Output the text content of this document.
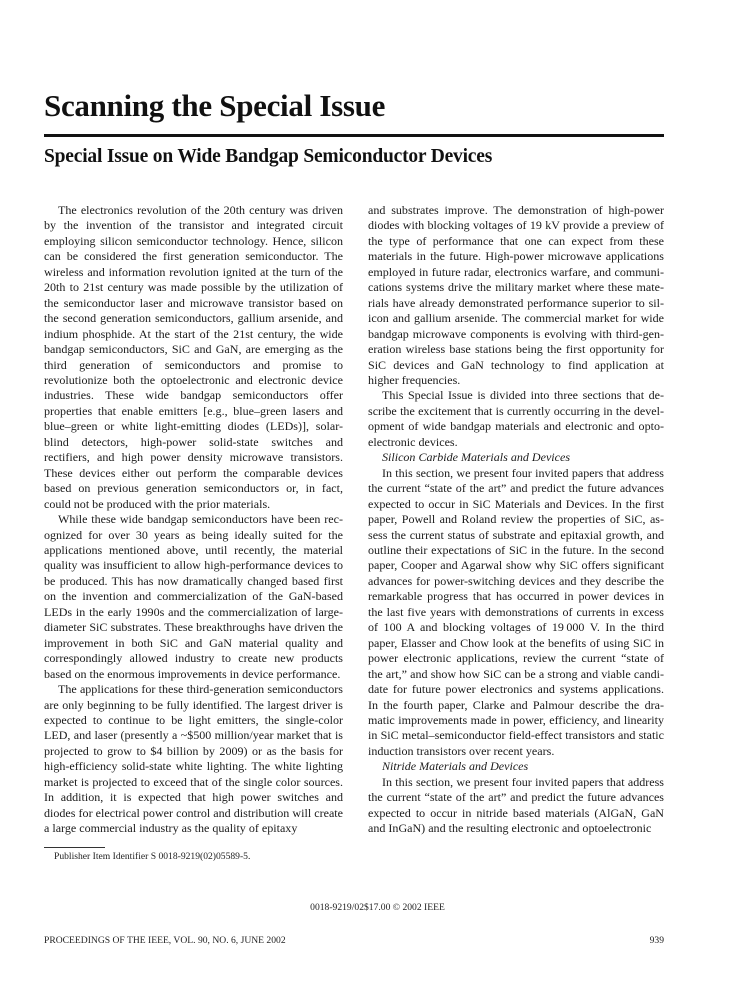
Scanning the Special Issue
Special Issue on Wide Bandgap Semiconductor Devices

The electronics revolution of the 20th century was driven by the invention of the transistor and integrated circuit employing silicon semiconductor technology. Hence, silicon can be considered the first generation semiconductor. The wireless and information revolution ignited at the turn of the 20th to 21st century was made possible by the utilization of the semiconductor laser and microwave transistor based on the second generation semiconductors, gallium arsenide, and indium phosphide. At the start of the 21st century, the wide bandgap semiconductors, SiC and GaN, are emerging as the third generation of semiconductors and promise to revolutionize both the optoelectronic and electronic device industries. These wide bandgap semiconductors offer properties that enable emitters [e.g., blue–green lasers and blue–green or white light-emitting diodes (LEDs)], solar-blind detectors, high-power solid-state switches and rectifiers, and high power density microwave transistors. These devices either out perform the comparable devices based on previous generation semiconductors or, in fact, could not be produced with the prior materials.

While these wide bandgap semiconductors have been recognized for over 30 years as being ideally suited for the applications mentioned above, until recently, the material quality was insufficient to allow high-performance devices to be produced. This has now dramatically changed based first on the invention and commercialization of the GaN-based LEDs in the early 1990s and the commercialization of large-diameter SiC substrates. These breakthroughs have driven the improvement in both SiC and GaN material quality and correspondingly allowed industry to create new products based on the enormous improvements in device performance.

The applications for these third-generation semiconductors are only beginning to be fully identified. The largest driver is expected to continue to be light emitters, the single-color LED, and laser (presently a ~$500 million/year market that is projected to grow to $4 billion by 2009) or as the basis for high-efficiency solid-state white lighting. The white lighting market is projected to exceed that of the single color sources. In addition, it is expected that high power switches and diodes for electrical power control and distribution will create a large commercial industry as the quality of epitaxy

and substrates improve. The demonstration of high-power diodes with blocking voltages of 19 kV provide a preview of the type of performance that one can expect from these materials in the future. High-power microwave applications employed in future radar, electronics warfare, and communications systems drive the military market where these materials have already demonstrated performance superior to silicon and gallium arsenide. The commercial market for wide bandgap microwave components is evolving with third-generation wireless base stations being the first opportunity for SiC devices and GaN technology to find application at higher frequencies.

This Special Issue is divided into three sections that describe the excitement that is currently occurring in the development of wide bandgap materials and electronic and optoelectronic devices.

Silicon Carbide Materials and Devices

In this section, we present four invited papers that address the current “state of the art” and predict the future advances expected to occur in SiC Materials and Devices. In the first paper, Powell and Roland review the properties of SiC, assess the current status of substrate and epitaxial growth, and outline their expectations of SiC in the future. In the second paper, Cooper and Agarwal show why SiC offers significant advances for power-switching devices and they describe the remarkable progress that has occurred in power devices in the last five years with demonstrations of currents in excess of 100 A and blocking voltages of 19 000 V. In the third paper, Elasser and Chow look at the benefits of using SiC in power electronic applications, review the current “state of the art,” and show how SiC can be a strong and viable candidate for future power electronics and systems applications. In the fourth paper, Clarke and Palmour describe the dramatic improvements made in power, efficiency, and linearity in SiC metal–semiconductor field-effect transistors and static induction transistors over recent years.

Nitride Materials and Devices

In this section, we present four invited papers that address the current “state of the art” and predict the future advances expected to occur in nitride based materials (AlGaN, GaN and InGaN) and the resulting electronic and optoelectronic

Publisher Item Identifier S 0018-9219(02)05589-5.
0018-9219/02$17.00 © 2002 IEEE
PROCEEDINGS OF THE IEEE, VOL. 90, NO. 6, JUNE 2002	939
